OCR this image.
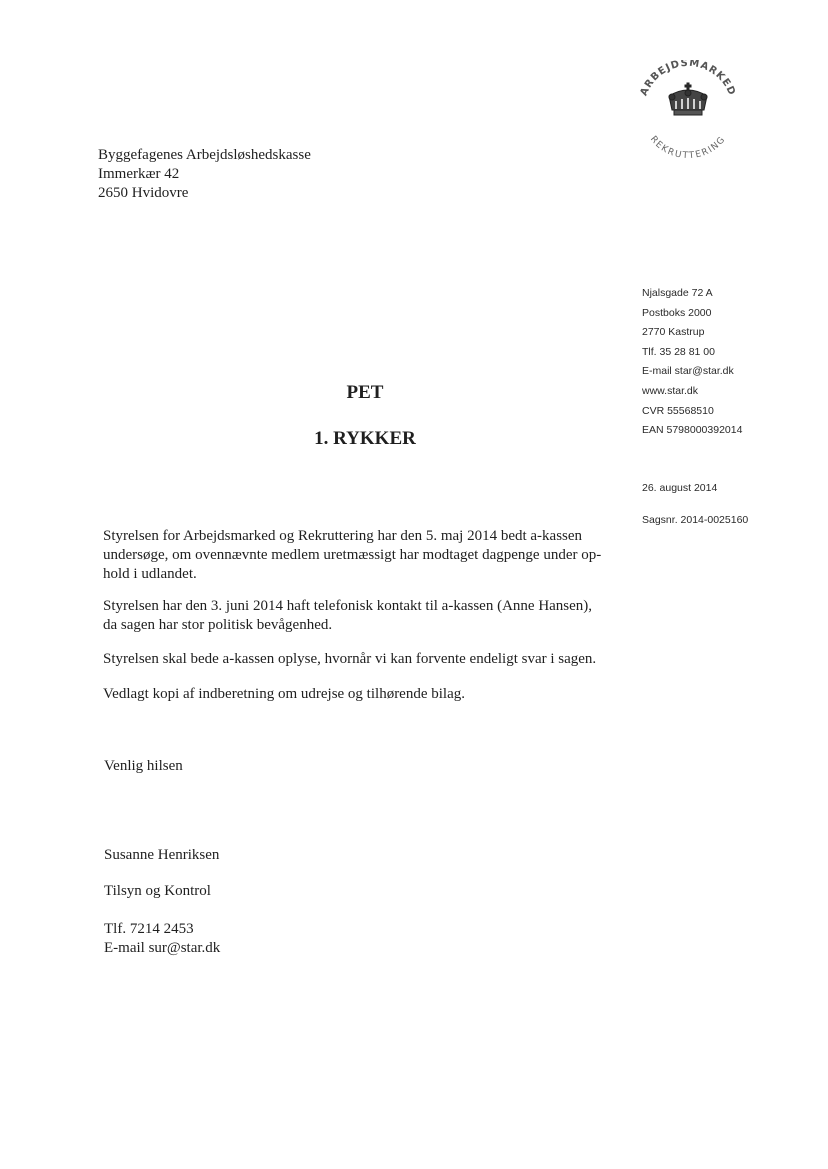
ARBEJDSMARKED
REKRUTTERING
Byggefagenes Arbejdsløshedskasse
Immerkær 42
2650 Hvidovre
Njalsgade 72 A
Postboks 2000
2770 Kastrup
Tlf. 35 28 81 00
E-mail star@star.dk
www.star.dk
CVR 55568510
EAN 5798000392014
26. august 2014
Sagsnr. 2014-0025160
PET
1. RYKKER
Styrelsen for Arbejdsmarked og Rekruttering har den 5. maj 2014 bedt a-kassen
undersøge, om ovennævnte medlem uretmæssigt har modtaget dagpenge under op-
hold i udlandet.
Styrelsen har den 3. juni 2014 haft telefonisk kontakt til a-kassen (Anne Hansen),
da sagen har stor politisk bevågenhed.
Styrelsen skal bede a-kassen oplyse, hvornår vi kan forvente endeligt svar i sagen.
Vedlagt kopi af indberetning om udrejse og tilhørende bilag.
Venlig hilsen
Susanne Henriksen
Tilsyn og Kontrol
Tlf. 7214 2453
E-mail sur@star.dk
